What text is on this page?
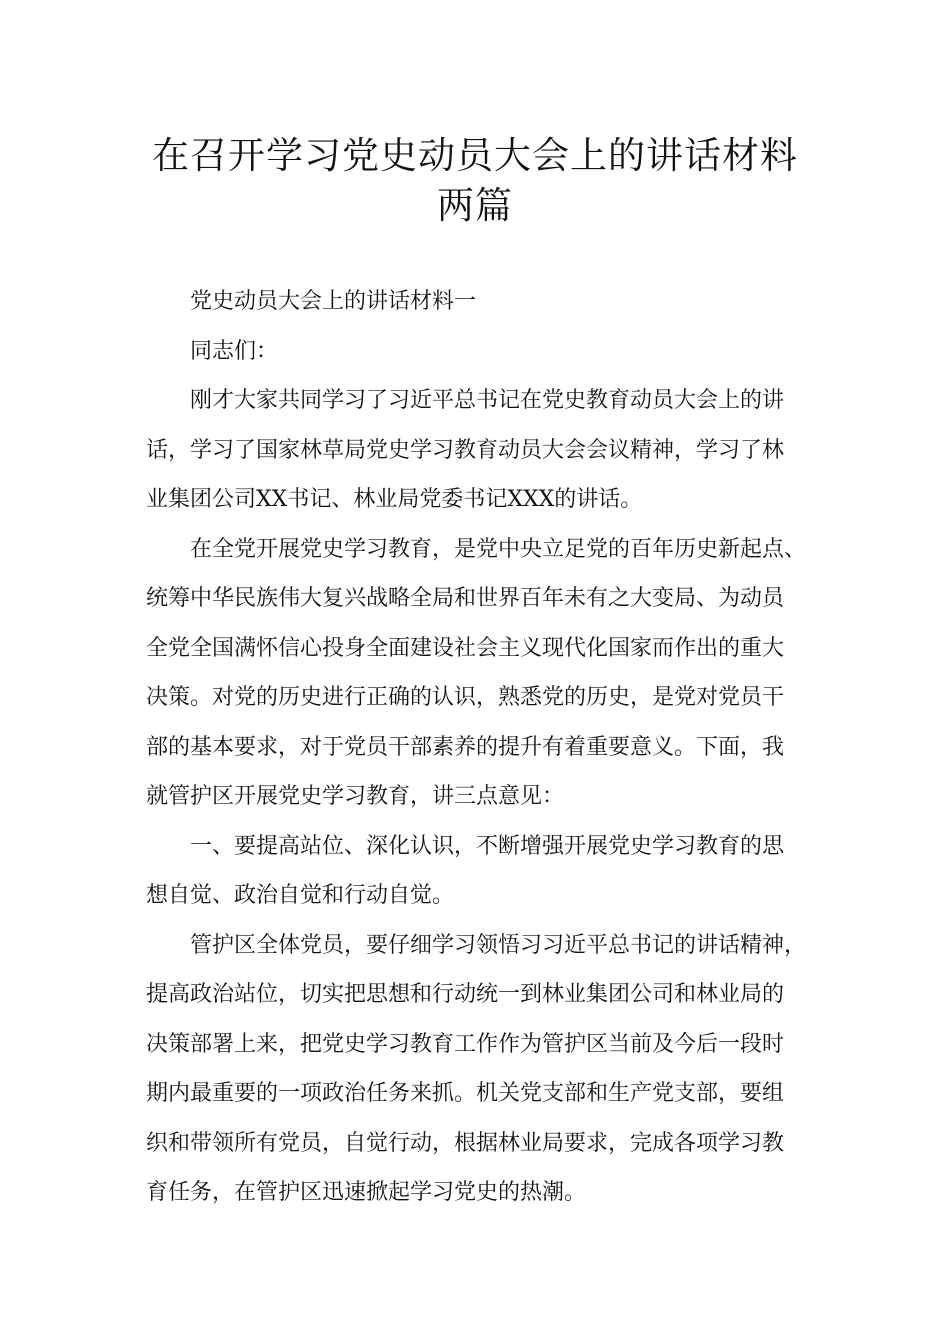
在召开学习党史动员大会上的讲话材料
两篇

党史动员大会上的讲话材料一

同志们：

刚才大家共同学习了习近平总书记在党史教育动员大会上的讲
话，学习了国家林草局党史学习教育动员大会会议精神，学习了林
业集团公司XX书记、林业局党委书记XXX的讲话。

在全党开展党史学习教育，是党中央立足党的百年历史新起点、
统筹中华民族伟大复兴战略全局和世界百年未有之大变局、为动员
全党全国满怀信心投身全面建设社会主义现代化国家而作出的重大
决策。对党的历史进行正确的认识，熟悉党的历史，是党对党员干
部的基本要求，对于党员干部素养的提升有着重要意义。下面，我
就管护区开展党史学习教育，讲三点意见：

一、要提高站位、深化认识，不断增强开展党史学习教育的思
想自觉、政治自觉和行动自觉。

管护区全体党员，要仔细学习领悟习习近平总书记的讲话精神，
提高政治站位，切实把思想和行动统一到林业集团公司和林业局的
决策部署上来，把党史学习教育工作作为管护区当前及今后一段时
期内最重要的一项政治任务来抓。机关党支部和生产党支部，要组
织和带领所有党员，自觉行动，根据林业局要求，完成各项学习教
育任务，在管护区迅速掀起学习党史的热潮。
